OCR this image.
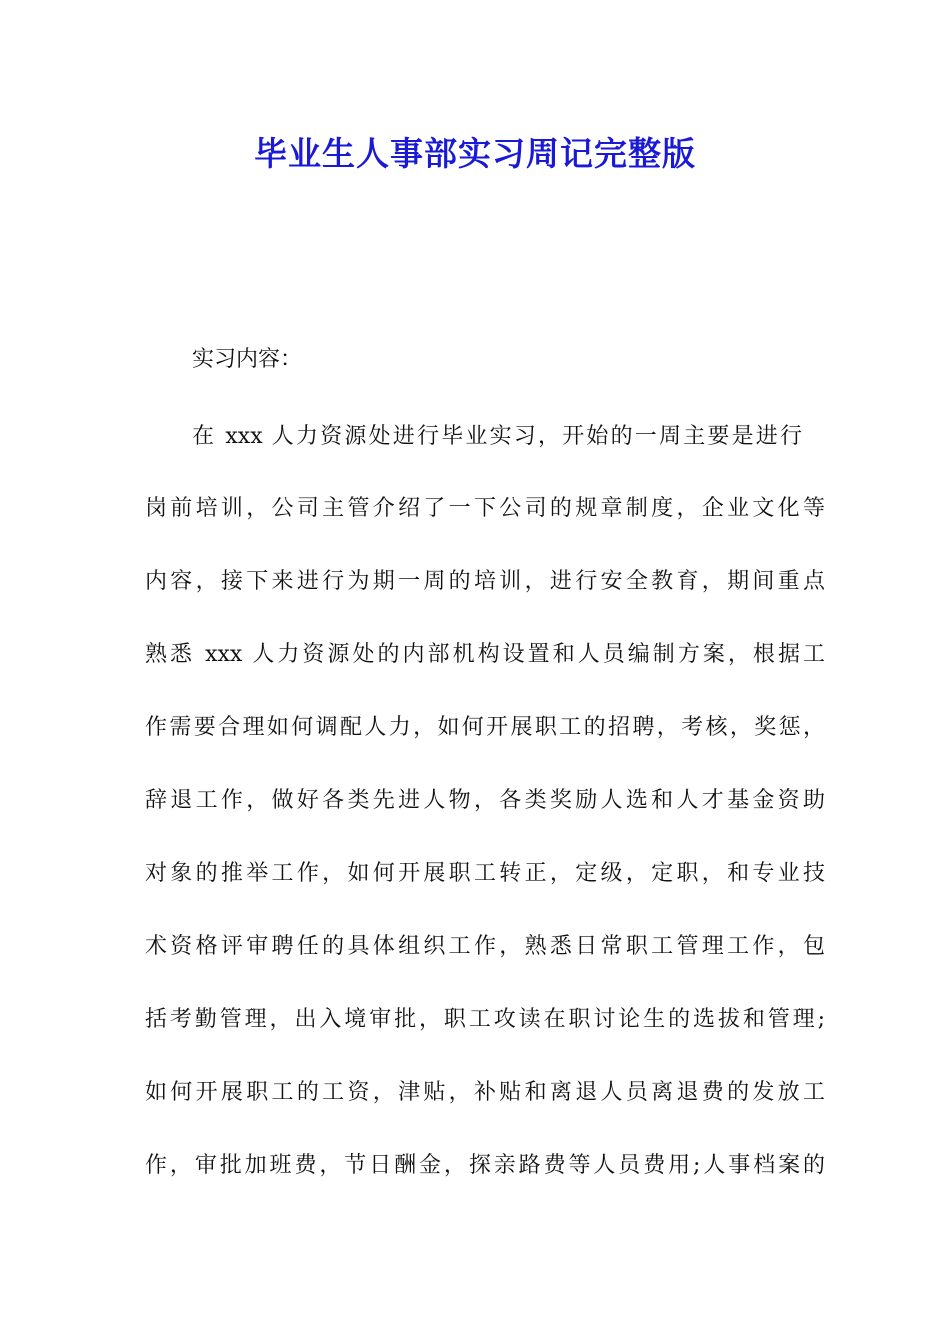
毕业生人事部实习周记完整版

实习内容：

在 xxx 人力资源处进行毕业实习，开始的一周主要是进行

岗前培训，公司主管介绍了一下公司的规章制度，企业文化等

内容，接下来进行为期一周的培训，进行安全教育，期间重点

熟悉 xxx 人力资源处的内部机构设置和人员编制方案，根据工

作需要合理如何调配人力，如何开展职工的招聘，考核，奖惩，

辞退工作，做好各类先进人物，各类奖励人选和人才基金资助

对象的推举工作，如何开展职工转正，定级，定职，和专业技

术资格评审聘任的具体组织工作，熟悉日常职工管理工作，包

括考勤管理，出入境审批，职工攻读在职讨论生的选拔和管理;

如何开展职工的工资，津贴，补贴和离退人员离退费的发放工

作，审批加班费，节日酬金，探亲路费等人员费用;人事档案的
